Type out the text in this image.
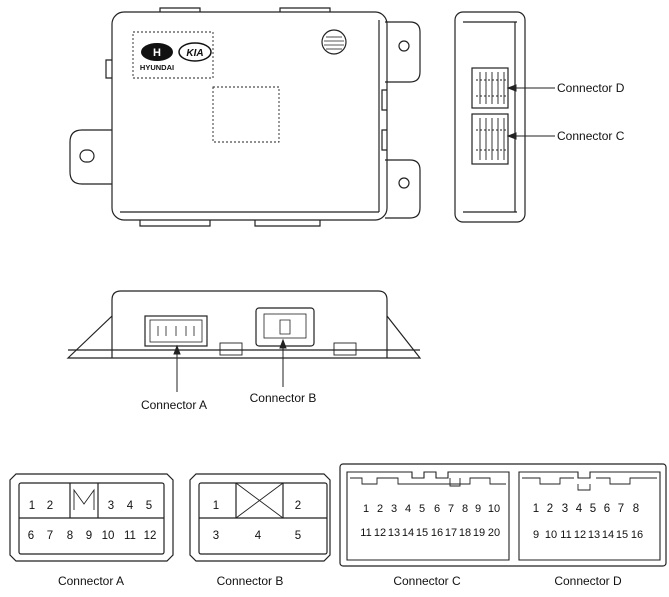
H
HYUNDAI
KIA
Connector D
Connector C
Connector A	Connector B
1 2	3 4 5
6 7 8 9 10 11 12
Connector A
1	2
3	4	5
Connector B
1 2 3 4 5 6 7 8 9 10
11 12 13 14 15 16 17 18 19 20
Connector C
1 2 3 4 5 6 7 8
9 10 11 12 13 14 15 16
Connector D
